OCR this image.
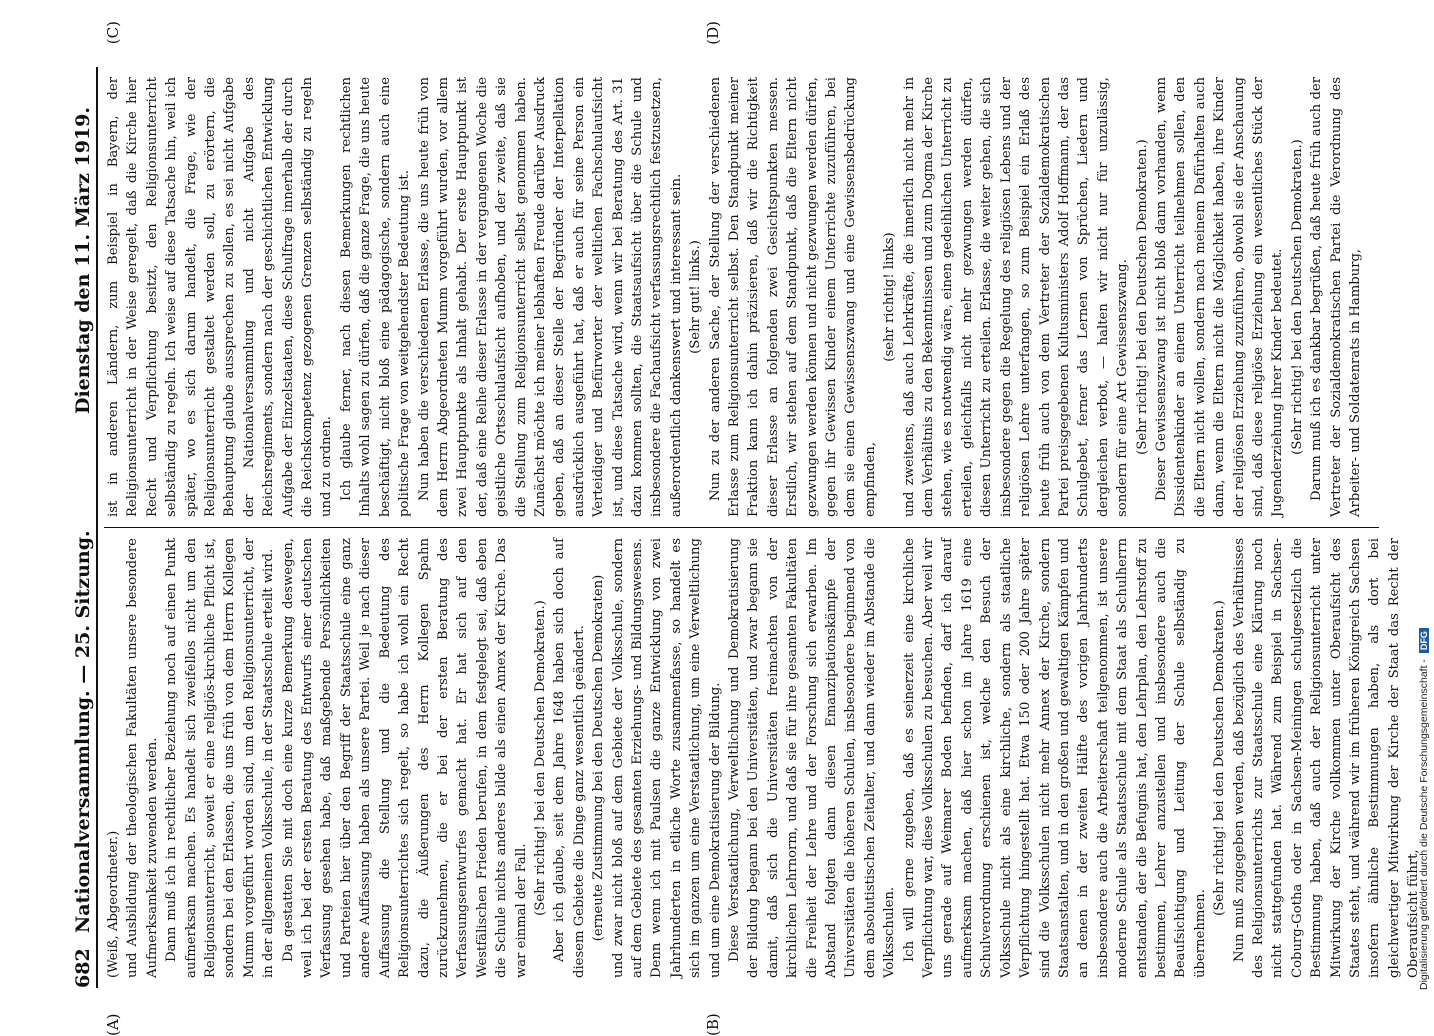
682
Nationalversammlung. — 25. Sitzung.
Dienstag den 11. März 1919.
(A)	(B)
(C)	(D)

(Weiß, Abgeordneter.) und Ausbildung der theologischen Fakultäten unsere besondere Aufmerksamkeit zuwenden werden. Dann muß ich in rechtlicher Beziehung noch auf einen Punkt aufmerksam machen. Es handelt sich zweifellos nicht um den Religionsunterricht, soweit er eine religiös-kirchliche Pflicht ist, sondern bei den Erlassen, die uns früh von dem Herrn Kollegen Mumm vorgeführt worden sind, um den Religionsunterricht, der in der allgemeinen Volksschule, in der Staatsschule erteilt wird. Da gestatten Sie mit doch eine kurze Bemerkung deswegen, weil ich bei der ersten Beratung des Entwurfs einer deutschen Verfassung gesehen habe, daß maßgebende Persönlichkeiten und Parteien hier über den Begriff der Staatsschule eine ganz andere Auffassung haben als unsere Partei. Weil je nach dieser Auffassung die Stellung und die Bedeutung des Religionsunterrichtes sich regelt, so habe ich wohl ein Recht dazu, die Äußerungen des Herrn Kollegen Spahn zurückzunehmen, die er bei der ersten Beratung des Verfassungsentwurfes gemacht hat. Er hat sich auf den Westfälischen Frieden berufen, in dem festgelegt sei, daß eben die Schule nichts anderes bilde als einen Annex der Kirche. Das war einmal der Fall. (Sehr richtig! bei den Deutschen Demokraten.) Aber ich glaube, seit dem Jahre 1648 haben sich doch auf diesem Gebiete die Dinge ganz wesentlich geändert. (erneute Zustimmung bei den Deutschen Demokraten) und zwar nicht bloß auf dem Gebiete der Volksschule, sondern auf dem Gebiete des gesamten Erziehungs- und Bildungswesens. Denn wenn ich mit Paulsen die ganze Entwicklung von zwei Jahrhunderten in etliche Worte zusammenfasse, so handelt es sich im ganzen um eine Verstaatlichung, um eine Verweltlichung und um eine Demokratisierung der Bildung. Diese Verstaatlichung, Verweltlichung und Demokratisierung der Bildung begann bei den Universitäten, und zwar begann sie damit, daß sich die Universitäten freimachten von der kirchlichen Lehrnorm, und daß sie für ihre gesamten Fakultäten die Freiheit der Lehre und der Forschung sich erwarben. Im Abstand folgten dann diesen Emanzipationskämpfe der Universitäten die höheren Schulen, insbesondere beginnend von dem absolutistischen Zeitalter, und dann wieder im Abstande die Volksschulen. Ich will gerne zugeben, daß es seinerzeit eine kirchliche Verpflichtung war, diese Volksschulen zu besuchen. Aber weil wir uns gerade auf Weimarer Boden befinden, darf ich darauf aufmerksam machen, daß hier schon im Jahre 1619 eine Schulverordnung erschienen ist, welche den Besuch der Volksschule nicht als eine kirchliche, sondern als staatliche Verpflichtung hingestellt hat. Etwa 150 oder 200 Jahre später sind die Volksschulen nicht mehr Annex der Kirche, sondern Staatsanstalten, und in den großen und gewaltigen Kämpfen und an denen in der zweiten Hälfte des vorigen Jahrhunderts insbesondere auch die Arbeiterschaft teilgenommen, ist unsere moderne Schule als Staatsschule mit dem Staat als Schulherrn entstanden, der die Befugnis hat, den Lehrplan, den Lehrstoff zu bestimmen, Lehrer anzustellen und insbesondere auch die Beaufsichtigung und Leitung der Schule selbständig zu übernehmen.

(Sehr richtig! bei den Deutschen Demokraten.) Nun muß zugegeben werden, daß bezüglich des Verhältnisses des Religionsunterrichts zur Staatsschule eine Klärung noch nicht stattgefunden hat. Während zum Beispiel in Sachsen-Coburg-Gotha oder in Sachsen-Meiningen schulgesetzlich die Bestimmung haben, daß auch der Religionsunterricht unter Mitwirkung der Kirche vollkommen unter Oberaufsicht des Staates steht, und während wir im früheren Königreich Sachsen insofern ähnliche Bestimmungen haben, als dort bei gleichwertiger Mitwirkung der Kirche der Staat das Recht der Oberaufsicht führt,

ist in anderen Ländern, zum Beispiel in Bayern, der Religionsunterricht in der Weise geregelt, daß die Kirche hier Recht und Verpflichtung besitzt, den Religionsunterricht selbständig zu regeln. Ich weise auf diese Tatsache hin, weil ich später, wo es sich darum handelt, die Frage, wie der Religionsunterricht gestaltet werden soll, zu erörtern, die Behauptung glaube aussprechen zu sollen, es sei nicht Aufgabe der Nationalversammlung und nicht Aufgabe des Reichsregiments, sondern nach der geschichtlichen Entwicklung Aufgabe der Einzelstaaten, diese Schulfrage innerhalb der durch die Reichskompetenz gezogenen Grenzen selbständig zu regeln und zu ordnen. Ich glaube ferner, nach diesen Bemerkungen rechtlichen Inhalts wohl sagen zu dürfen, daß die ganze Frage, die uns heute beschäftigt, nicht bloß eine pädagogische, sondern auch eine politische Frage von weitgehendster Bedeutung ist. Nun haben die verschiedenen Erlasse, die uns heute früh von dem Herrn Abgeordneten Mumm vorgeführt wurden, vor allem zwei Hauptpunkte als Inhalt gehabt. Der erste Hauptpunkt ist der, daß eine Reihe dieser Erlasse in der vergangenen Woche die geistliche Ortsschulaufsicht aufhoben, und der zweite, daß sie die Stellung zum Religionsunterricht selbst genommen haben. Zunächst möchte ich meiner lebhaften Freude darüber Ausdruck geben, daß an dieser Stelle der Begründer der Interpellation ausdrücklich ausgeführt hat, daß er auch für seine Person ein Verteidiger und Befürworter der weltlichen Fachschulaufsicht ist, und diese Tatsache wird, wenn wir bei Beratung des Art. 31 dazu kommen sollten, die Staatsaufsicht über die Schule und insbesondere die Fachaufsicht verfassungsrechtlich festzusetzen, außerordentlich dankenswert und interessant sein. (Sehr gut! links.) Nun zu der anderen Sache, der Stellung der verschiedenen Erlasse zum Religionsunterricht selbst. Den Standpunkt meiner Fraktion kann ich dahin präzisieren, daß wir die Richtigkeit dieser Erlasse an folgenden zwei Gesichtspunkten messen. Erstlich, wir stehen auf dem Standpunkt, daß die Eltern nicht gezwungen werden können und nicht gezwungen werden dürfen, gegen ihr Gewissen Kinder einem Unterrichte zuzuführen, bei dem sie einen Gewissenszwang und eine Gewissensbedrückung empfinden,

(sehr richtig! links) und zweitens, daß auch Lehrkräfte, die innerlich nicht mehr in dem Verhältnis zu den Bekenntnissen und zum Dogma der Kirche stehen, wie es notwendig wäre, einen gedeihlichen Unterricht zu erteilen, gleichfalls nicht mehr gezwungen werden dürfen, diesen Unterricht zu erteilen. Erlasse, die weiter gehen, die sich insbesondere gegen die Regelung des religiösen Lebens und der religiösen Lehre unterfangen, so zum Beispiel ein Erlaß des heute früh auch von dem Vertreter der Sozialdemokratischen Partei preisgegebenen Kultusministers Adolf Hoffmann, der das Schulgebet, ferner das Lernen von Sprüchen, Liedern und dergleichen verbot, — halten wir nicht nur für unzulässig, sondern für eine Art Gewissenszwang. (Sehr richtig! bei den Deutschen Demokraten.) Dieser Gewissenszwang ist nicht bloß dann vorhanden, wenn Dissidentenkinder an einem Unterricht teilnehmen sollen, den die Eltern nicht wollen, sondern nach meinem Dafürhalten auch dann, wenn die Eltern nicht die Möglichkeit haben, ihre Kinder der religiösen Erziehung zuzuführen, obwohl sie der Anschauung sind, daß diese religiöse Erziehung ein wesentliches Stück der Jugenderziehung ihrer Kinder bedeutet. (Sehr richtig! bei den Deutschen Demokraten.) Darum muß ich es dankbar begrüßen, daß heute früh auch der Vertreter der Sozialdemokratischen Partei die Verordnung des Arbeiter- und Soldatenrats in Hamburg,

Digitalisierung gefördert durch die Deutsche Forschungsgemeinschaft - DFG
